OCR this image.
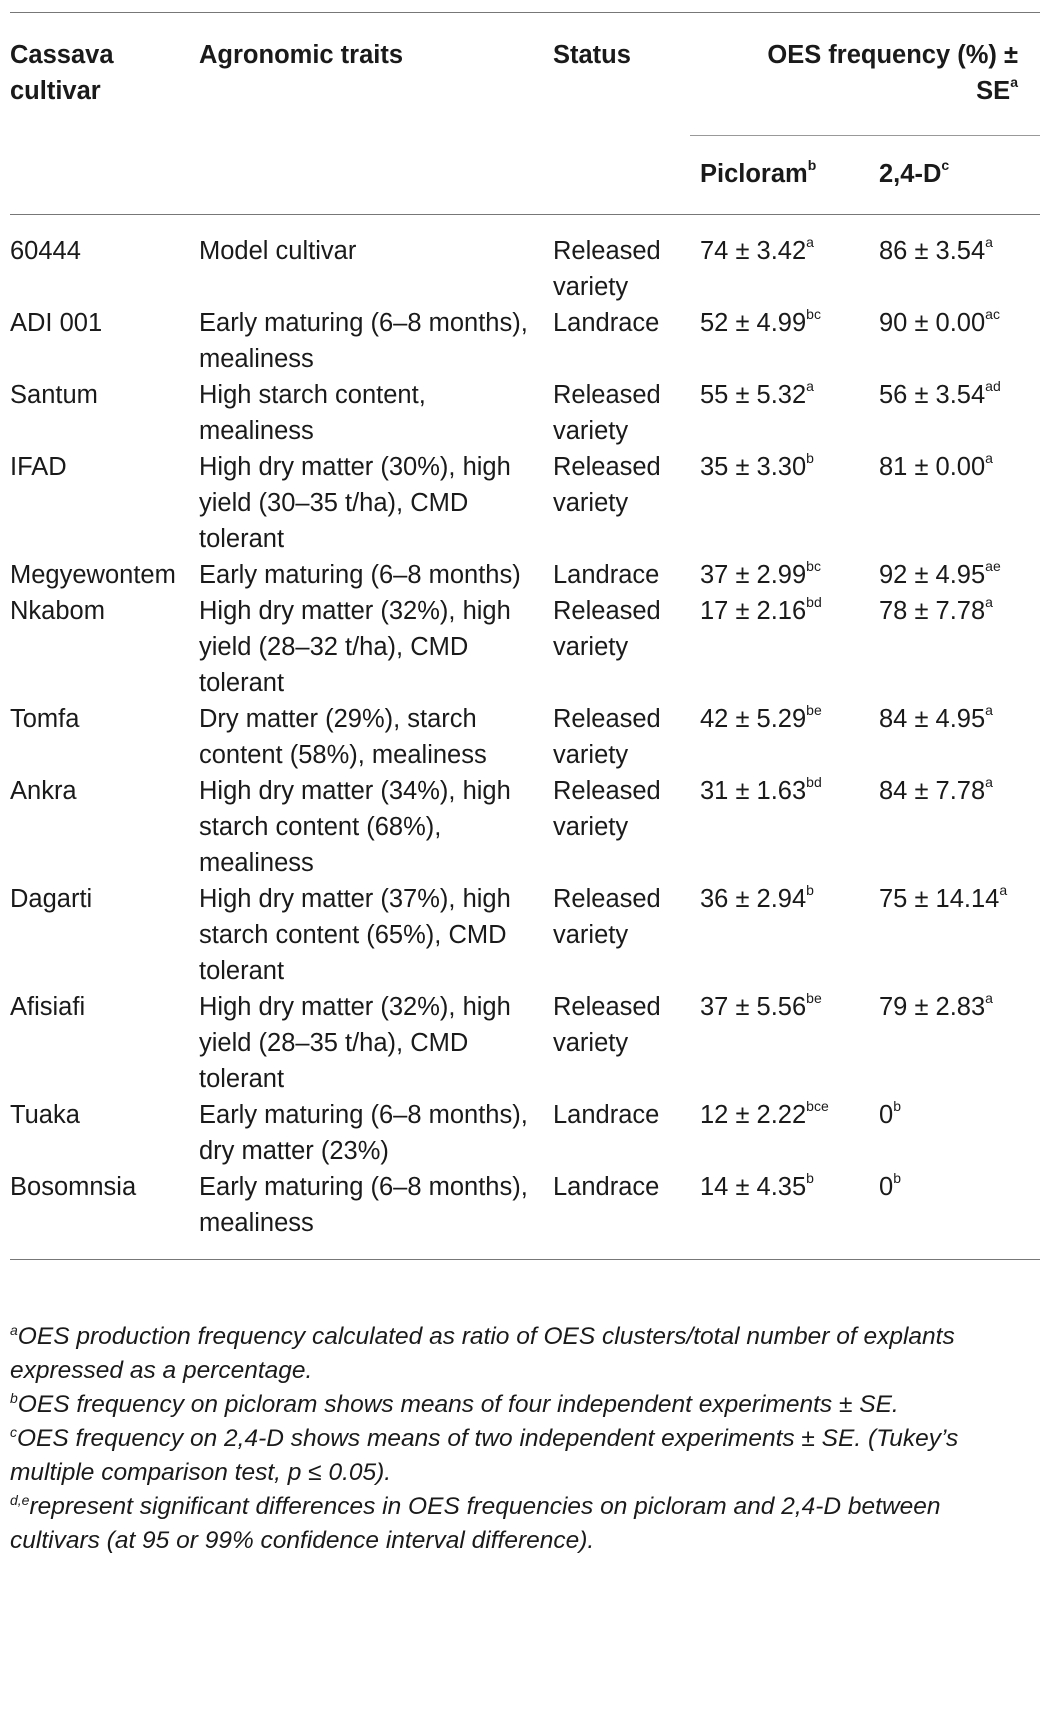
Cassava cultivar	Agronomic traits	Status	OES frequency (%) ± $SE^a$
			Picloram$^b$	$2,4-D^c$
60444	Model cultivar	Released variety	74 ± 3.42$^a$	86 ± 3.54$^a$
ADI 001	Early maturing (6–8 months), mealiness	Landrace	52 ± 4.99$^{bc}$	90 ± 0.00$^{ac}$
Santum	High starch content, mealiness	Released variety	55 ± 5.32$^a$	56 ± 3.54$^{ad}$
IFAD	High dry matter (30%), high yield (30–35 t/ha), CMD tolerant	Released variety	35 ± 3.30$^b$	81 ± 0.00$^a$
Megyewontem	Early maturing (6–8 months)	Landrace	37 ± 2.99$^{bc}$	92 ± 4.95$^{ae}$
Nkabom	High dry matter (32%), high yield (28–32 t/ha), CMD tolerant	Released variety	17 ± 2.16$^{bd}$	78 ± 7.78$^a$
Tomfa	Dry matter (29%), starch content (58%), mealiness	Released variety	42 ± 5.29$^{be}$	84 ± 4.95$^a$
Ankra	High dry matter (34%), high starch content (68%), mealiness	Released variety	31 ± 1.63$^{bd}$	84 ± 7.78$^a$
Dagarti	High dry matter (37%), high starch content (65%), CMD tolerant	Released variety	36 ± 2.94$^b$	75 ± 14.14$^a$
Afisiafi	High dry matter (32%), high yield (28–35 t/ha), CMD tolerant	Released variety	37 ± 5.56$^{be}$	79 ± 2.83$^a$
Tuaka	Early maturing (6–8 months), dry matter (23%)	Landrace	12 ± 2.22$^{bce}$	0$^b$
Bosomnsia	Early maturing (6–8 months), mealiness	Landrace	14 ± 4.35$^b$	0$^b$

$^a$OES production frequency calculated as ratio of OES clusters/total number of explants expressed as a percentage.

$^b$OES frequency on picloram shows means of four independent experiments ± SE.

$^c$OES frequency on 2,4-D shows means of two independent experiments ± SE. (Tukey’s multiple comparison test, p ≤ 0.05).

$^{d,e}$represent significant differences in OES frequencies on picloram and 2,4-D between cultivars (at 95 or 99% confidence interval difference).
